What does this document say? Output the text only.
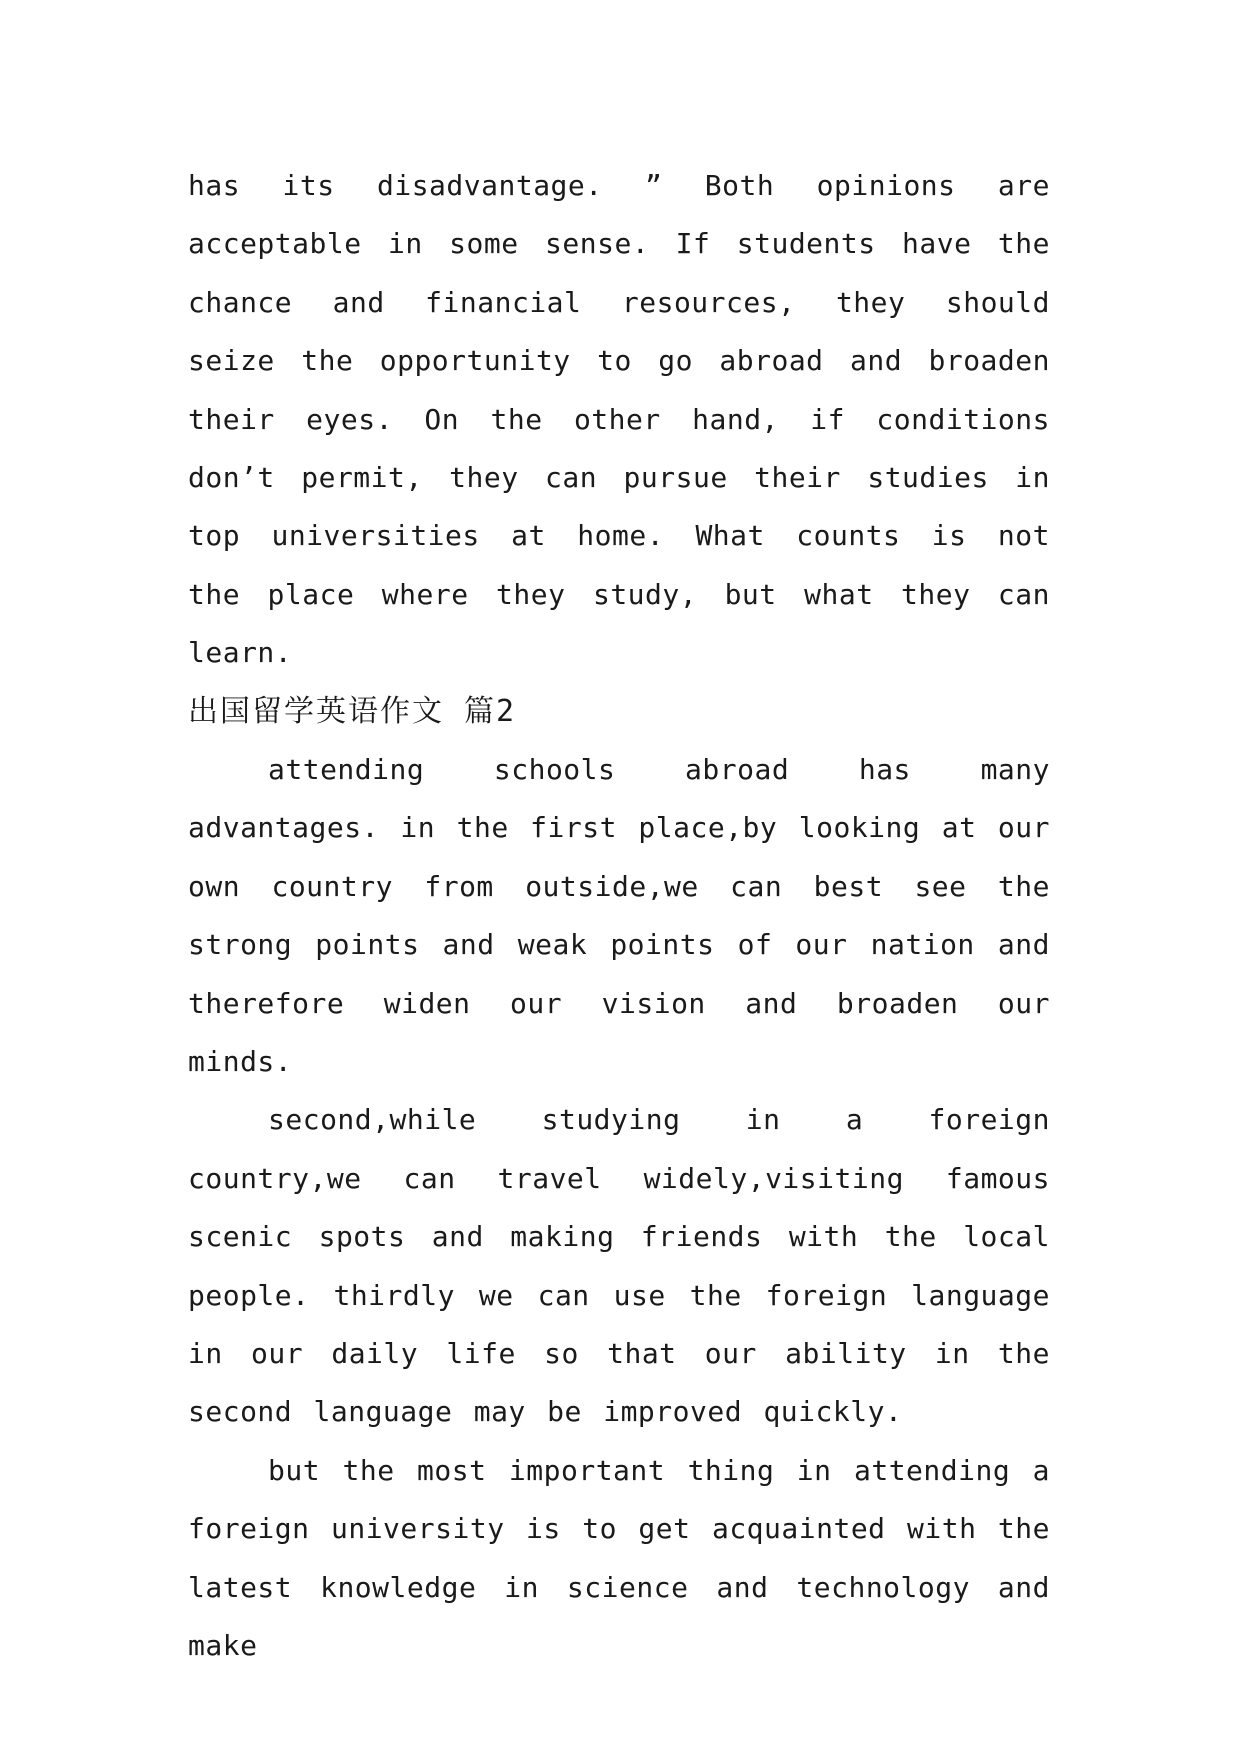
has its disadvantage. ” Both opinions are acceptable in some sense. If students have the chance and financial resources, they should seize the opportunity to go abroad and broaden their eyes. On the other hand, if conditions don’t permit, they can pursue their studies in top universities at home. What counts is not the place where they study, but what they can learn.

出国留学英语作文 篇2

attending schools abroad has many advantages. in the first place,by looking at our own country from outside,we can best see the strong points and weak points of our nation and therefore widen our vision and broaden our minds.

second,while studying in a foreign country,we can travel widely,visiting famous scenic spots and making friends with the local people. thirdly we can use the foreign language in our daily life so that our ability in the second language may be improved quickly.

but the most important thing in attending a foreign university is to get acquainted with the latest knowledge in science and technology and make
